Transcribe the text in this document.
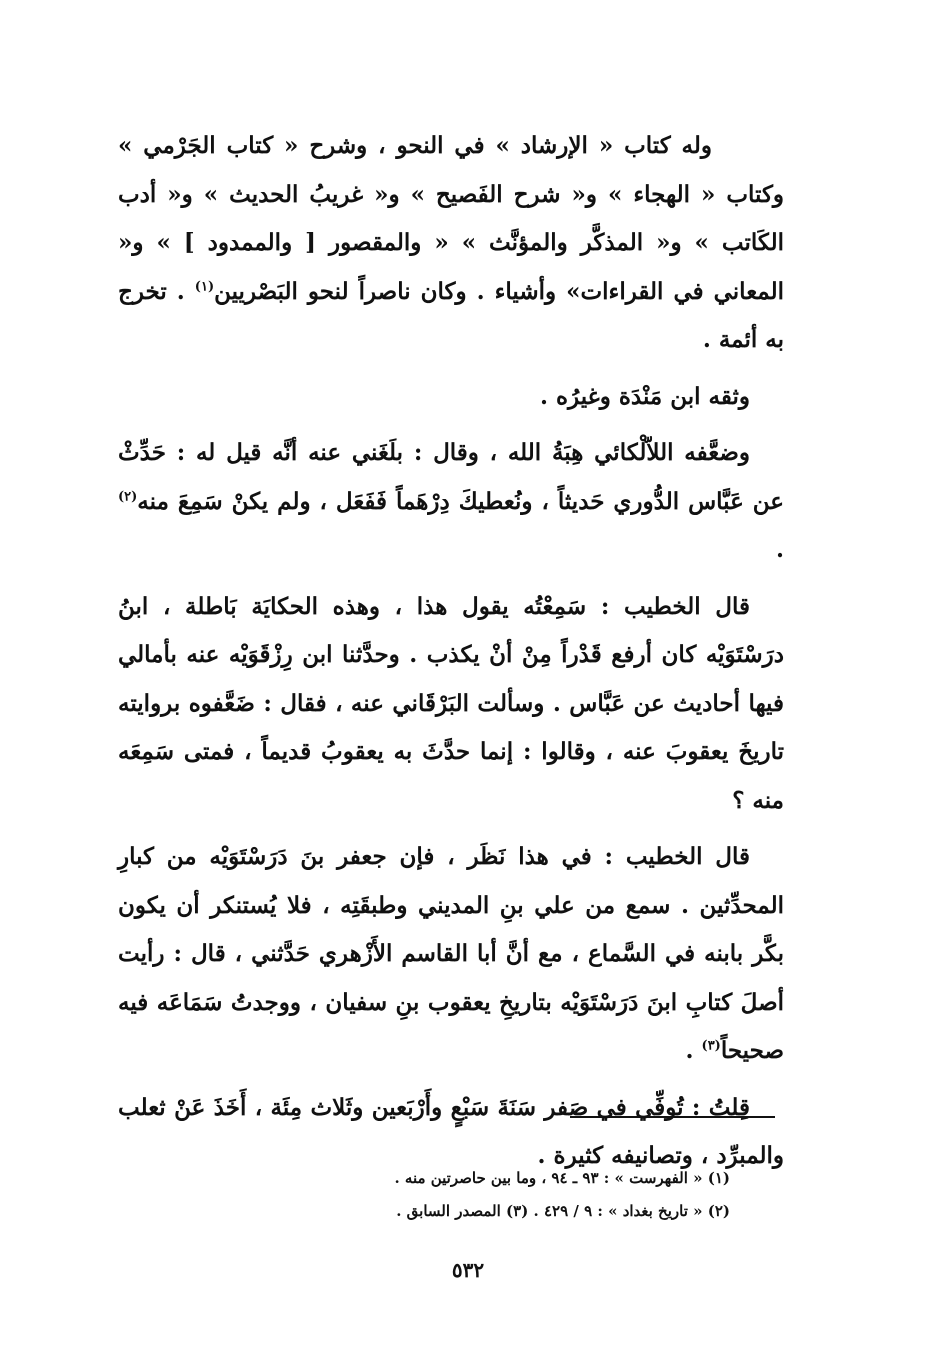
وله كتاب « الإرشاد » في النحو ، وشرح « كتاب الجَرْمي » وكتاب « الهجاء » و« شرح الفَصيح » و« غريبُ الحديث » و« أدب الكَاتب » و« المذكَّر والمؤنَّث » « والمقصور [ والممدود ] » و« المعاني في القراءات» وأشياء . وكان ناصراً لنحو البَصْريين$^{(١)}$ . تخرج به أئمة .

وثقه ابن مَنْدَة وغيرُه .

وضعَّفه اللاّلْكائي هِبَةُ الله ، وقال : بلَغَني عنه أنَّه قيل له : حَدِّثْ عن عَبَّاس الدُّوري حَديثاً ، ونُعطيكَ دِرْهَماً فَفَعَل ، ولم يكنْ سَمِعَ منه$^{(٢)}$ .

قال الخطيب : سَمِعْتُه يقول هذا ، وهذه الحكايَة بَاطلة ، ابنُ درَسْتَوَيْه كان أرفع قَدْراً مِنْ أنْ يكذب . وحدَّثنا ابن رِزْقَوَيْه عنه بأمالي فيها أحاديث عن عَبَّاس . وسألت البَرْقَاني عنه ، فقال : ضَعَّفوه بروايته تاريخَ يعقوبَ عنه ، وقالوا : إنما حدَّثَ به يعقوبُ قديماً ، فمتى سَمِعَه منه ؟

قال الخطيب : في هذا نَظَر ، فإن جعفر بنَ دَرَسْتَوَيْه من كبارِ المحدِّثين . سمع من علي بنِ المديني وطبقَتِه ، فلا يُستنكر أن يكون بكَّر بابنه في السَّماع ، مع أنَّ أبا القاسم الأَزْهري حَدَّثني ، قال : رأيت أصلَ كتابِ ابنَ دَرَسْتَوَيْه بتاريخِ يعقوب بنِ سفيان ، ووجدتُ سَمَاعَه فيه صحيحاً$^{(٣)}$ .

قِلتُ : تُوفِّي في صَفر سَنَةَ سَبْعٍ وأَرْبَعين وثَلاث مِئَة ، أَخَذَ عَنْ ثعلب والمبرِّد ، وتصانيفه كثيرة .

(١) « الفهرست » : ٩٣ ـ ٩٤ ، وما بين حاصرتين منه .

(٢) « تاريخ بغداد » : ٩ / ٤٢٩ . (٣) المصدر السابق .

٥٣٢
